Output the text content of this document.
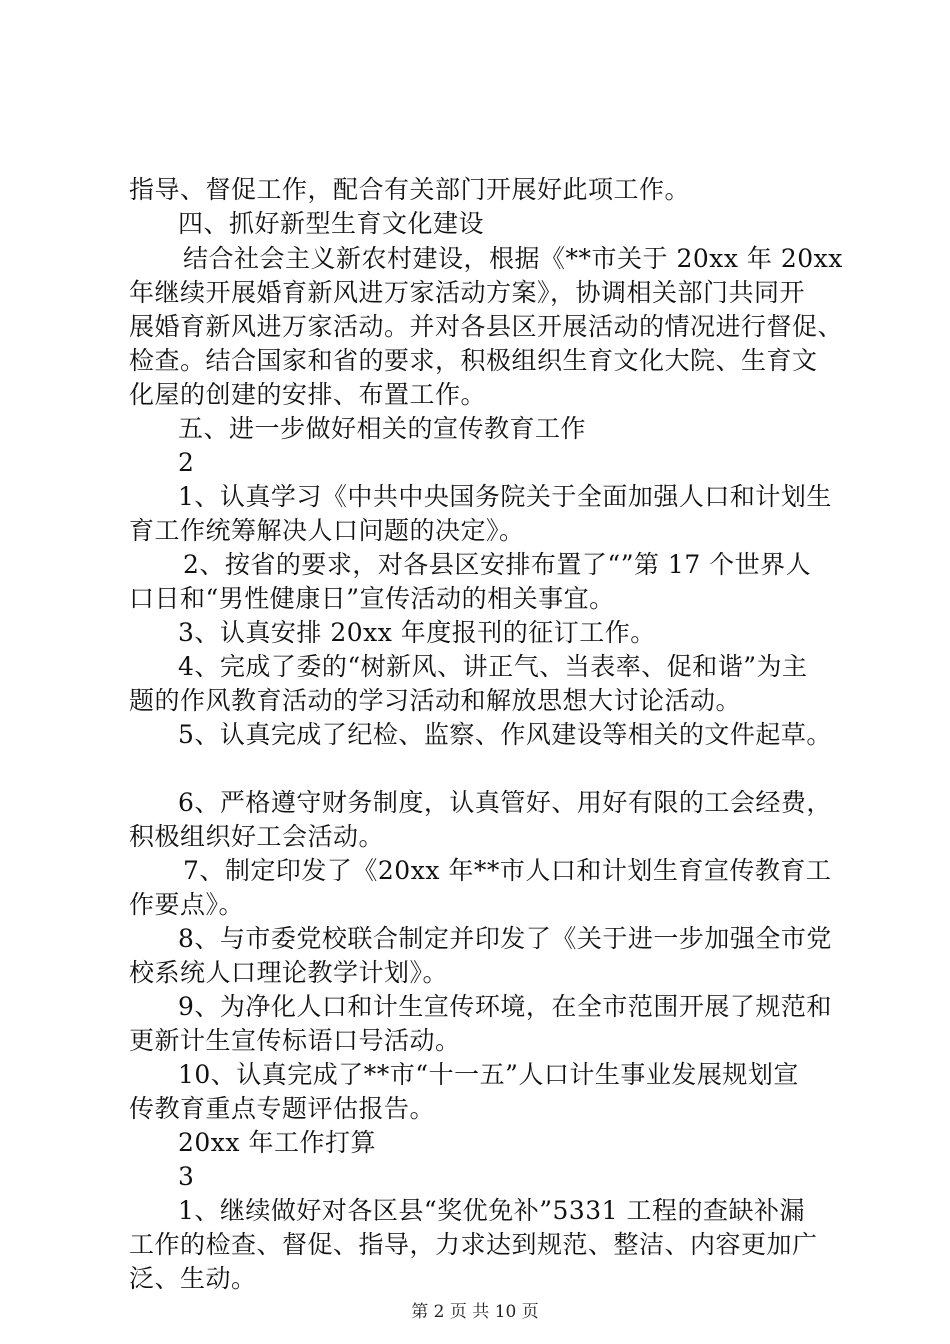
指导、督促工作，配合有关部门开展好此项工作。
四、抓好新型生育文化建设
结合社会主义新农村建设，根据《**市关于 20xx 年 20xx
年继续开展婚育新风进万家活动方案》，协调相关部门共同开
展婚育新风进万家活动。并对各县区开展活动的情况进行督促、
检查。结合国家和省的要求，积极组织生育文化大院、生育文
化屋的创建的安排、布置工作。
五、进一步做好相关的宣传教育工作
2
1、认真学习《中共中央国务院关于全面加强人口和计划生
育工作统筹解决人口问题的决定》。
2、按省的要求，对各县区安排布置了“”第 17 个世界人
口日和“男性健康日”宣传活动的相关事宜。
3、认真安排 20xx 年度报刊的征订工作。
4、完成了委的“树新风、讲正气、当表率、促和谐”为主
题的作风教育活动的学习活动和解放思想大讨论活动。
5、认真完成了纪检、监察、作风建设等相关的文件起草。
6、严格遵守财务制度，认真管好、用好有限的工会经费，
积极组织好工会活动。
7、制定印发了《20xx 年**市人口和计划生育宣传教育工
作要点》。
8、与市委党校联合制定并印发了《关于进一步加强全市党
校系统人口理论教学计划》。
9、为净化人口和计生宣传环境，在全市范围开展了规范和
更新计生宣传标语口号活动。
10、认真完成了**市“十一五”人口计生事业发展规划宣
传教育重点专题评估报告。
20xx 年工作打算
3
1、继续做好对各区县“奖优免补”5331 工程的查缺补漏
工作的检查、督促、指导，力求达到规范、整洁、内容更加广
泛、生动。
第 2 页 共 10 页
